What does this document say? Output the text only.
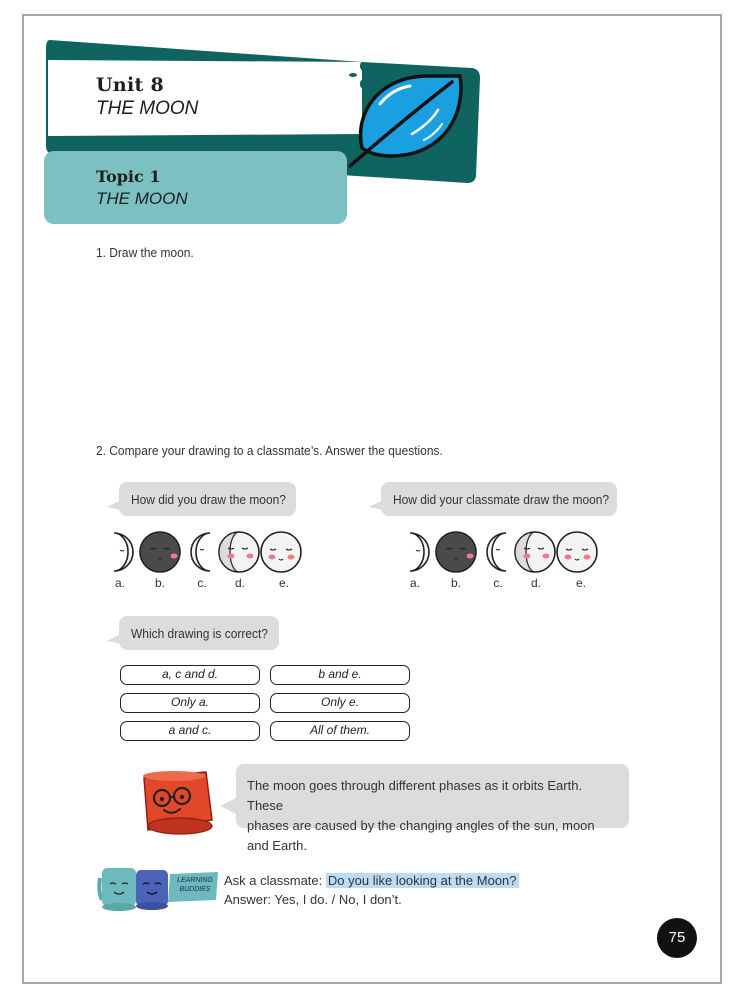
Unit 8
THE MOON
Topic 1
THE MOON
1. Draw the moon.
2. Compare your drawing to a classmate’s. Answer the questions.
How did you draw the moon?	How did your classmate draw the moon?
a.	b.	c.	d.	e.	a.	b.	c.	d.	e.
Which drawing is correct?
a, c and d.	b and e.
Only a.	Only e.
a and c.	All of them.
The moon goes through different phases as it orbits Earth. These
phases are caused by the changing angles of the sun, moon and Earth.
LEARNING
BUDDIES
Ask a classmate: Do you like looking at the Moon?
Answer: Yes, I do. / No, I don’t.
75
